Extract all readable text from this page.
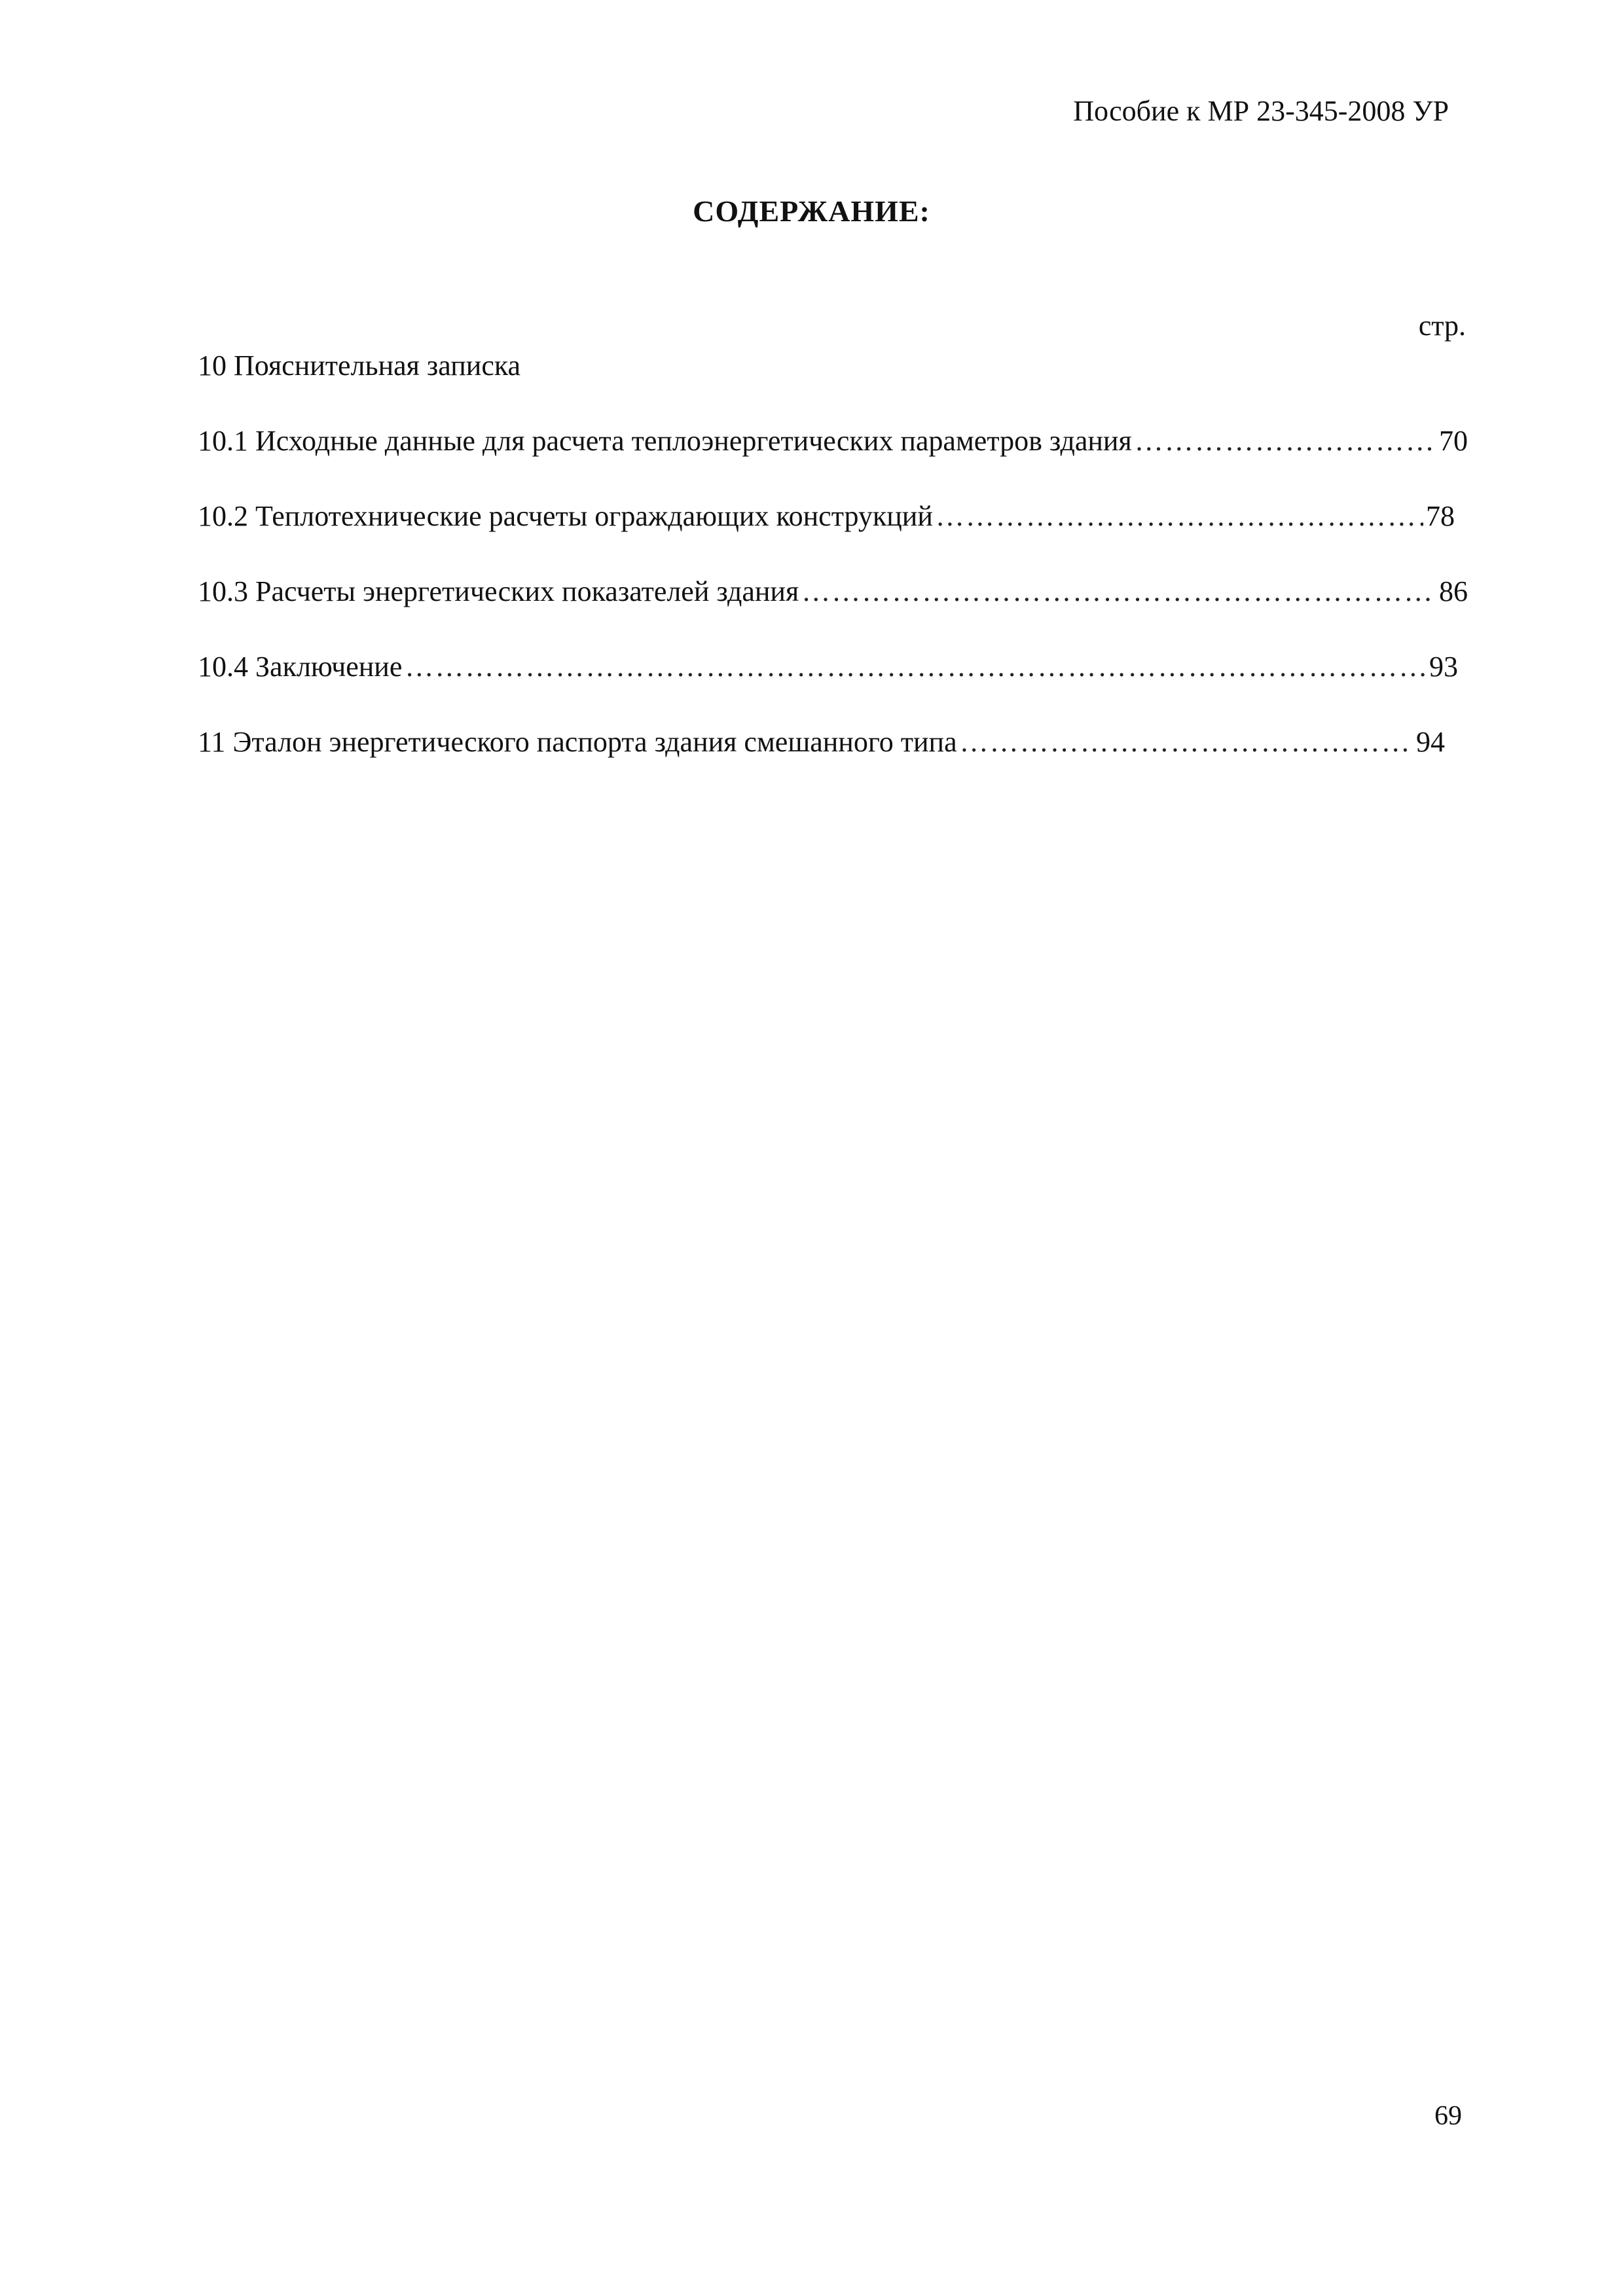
Пособие к МР 23-345-2008 УР
СОДЕРЖАНИЕ:
стр.
10 Пояснительная записка
10.1 Исходные данные для расчета теплоэнергетических параметров здания …………………………………………………………………………………………………………………………………………………………………………………………………………	70
10.2 Теплотехнические расчеты ограждающих конструкций …………………………………………………………………………………………………………………………………………………………………………………………………………	78
10.3 Расчеты энергетических показателей здания …………………………………………………………………………………………………………………………………………………………………………………………………………	86
10.4 Заключение …………………………………………………………………………………………………………………………………………………………………………………………………………	93
11 Эталон энергетического паспорта здания смешанного типа …………………………………………………………………………………………………………………………………………………………………………………………………………	94
69
